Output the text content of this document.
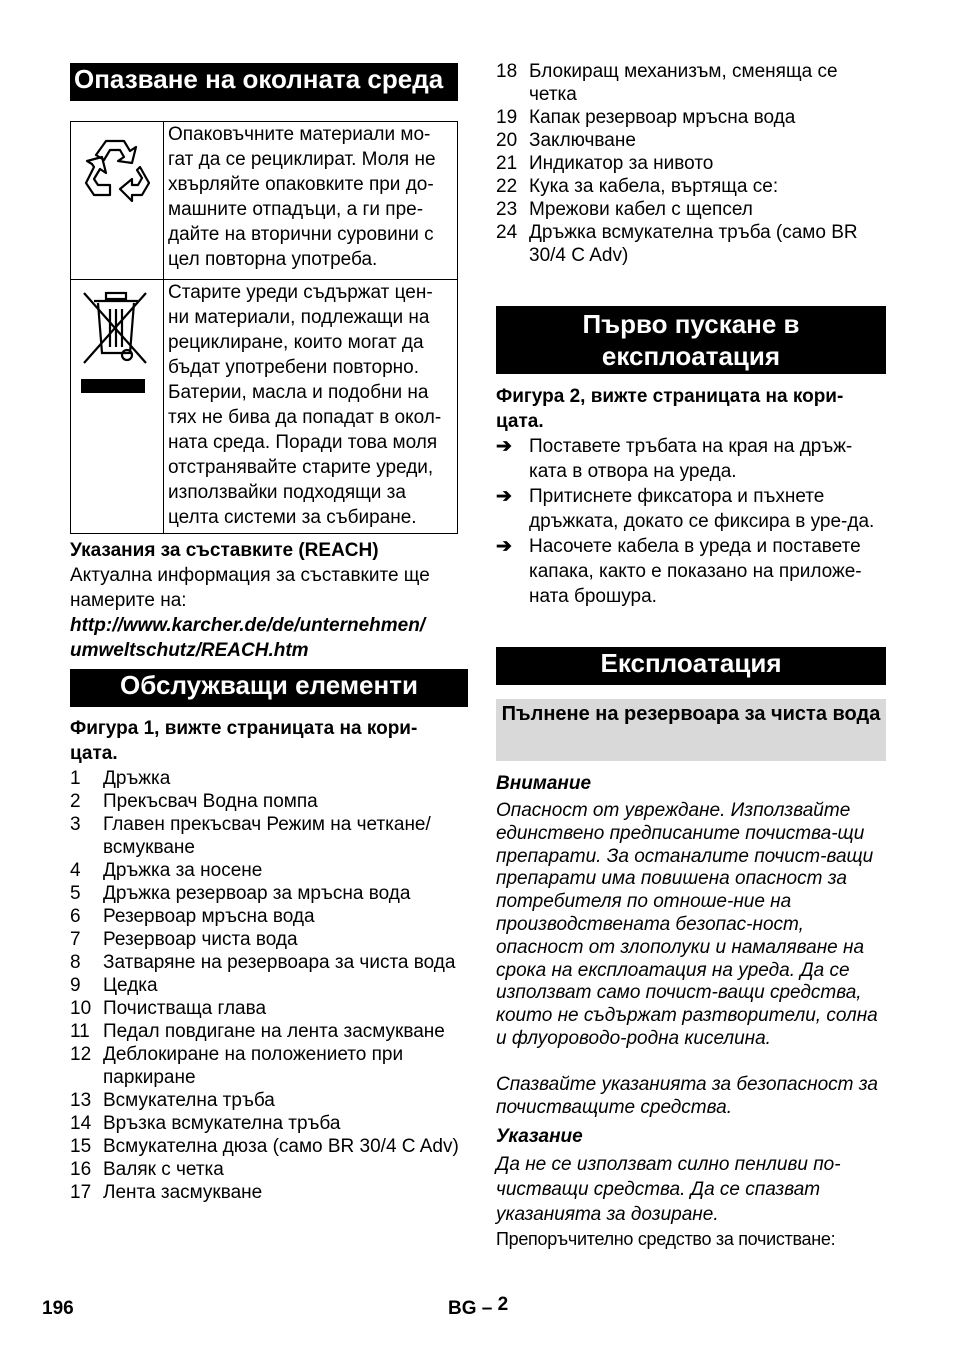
Опазване на околната среда
	Опаковъчните материали мо-гат да се рециклират. Моля не хвърляйте опаковките при до-машните отпадъци, а ги пре-дайте на вторични суровини с цел повторна употреба.
	Старите уреди съдържат цен-ни материали, подлежащи на рециклиране, които могат да бъдат употребени повторно. Батерии, масла и подобни на тях не бива да попадат в окол-ната среда. Поради това моля отстранявайте старите уреди, използвайки подходящи за целта системи за събиране.
Указания за съставките (REACH)
Актуална информация за съставките ще намерите на:
http://www.karcher.de/de/unternehmen/
umweltschutz/REACH.htm
Обслужващи елементи
Фигура 1, вижте страницата на кори-цата.
1 Дръжка
2 Прекъсвач Водна помпа
3 Главен прекъсвач Режим на четкане/ всмукване
4 Дръжка за носене
5 Дръжка резервоар за мръсна вода
6 Резервоар мръсна вода
7 Резервоар чиста вода
8 Затваряне на резервоара за чиста вода
9 Цедка
10 Почистваща глава
11 Педал повдигане на лента засмукване
12 Деблокиране на положението при паркиране
13 Всмукателна тръба
14 Връзка всмукателна тръба
15 Всмукателна дюза (само BR 30/4 C Adv)
16 Валяк с четка
17 Лента засмукване
18 Блокиращ механизъм, сменяща се четка
19 Капак резервоар мръсна вода
20 Заключване
21 Индикатор за нивото
22 Кука за кабела, въртяща се:
23 Мрежови кабел с щепсел
24 Дръжка всмукателна тръба (само BR 30/4 C Adv)
Първо пускане в експлоатация
Фигура 2, вижте страницата на кори-цата.
➔ Поставете тръбата на края на дръж-ката в отвора на уреда.
➔ Притиснете фиксатора и пъхнете дръжката, докато се фиксира в уре-да.
➔ Насочете кабела в уреда и поставете капака, както е показано на приложе-ната брошура.
Експлоатация
Пълнене на резервоара за чиста вода
Внимание
Опасност от увреждане. Използвайте единствено предписаните почиства-щи препарати. За останалите почист-ващи препарати има повишена опасност за потребителя по отноше-ние на производствената безопас-ност, опасност от злополуки и намаляване на срока на експлоатация на уреда. Да се използват само почист-ващи средства, които не съдържат разтворители, солна и флуороводо-родна киселина.
Спазвайте указанията за безопасност за почистващите средства.
Указание
Да не се използват силно пенливи по-чистващи средства. Да се спазват указанията за дозиране.
Препоръчително средство за почистване:
196	BG – 2
